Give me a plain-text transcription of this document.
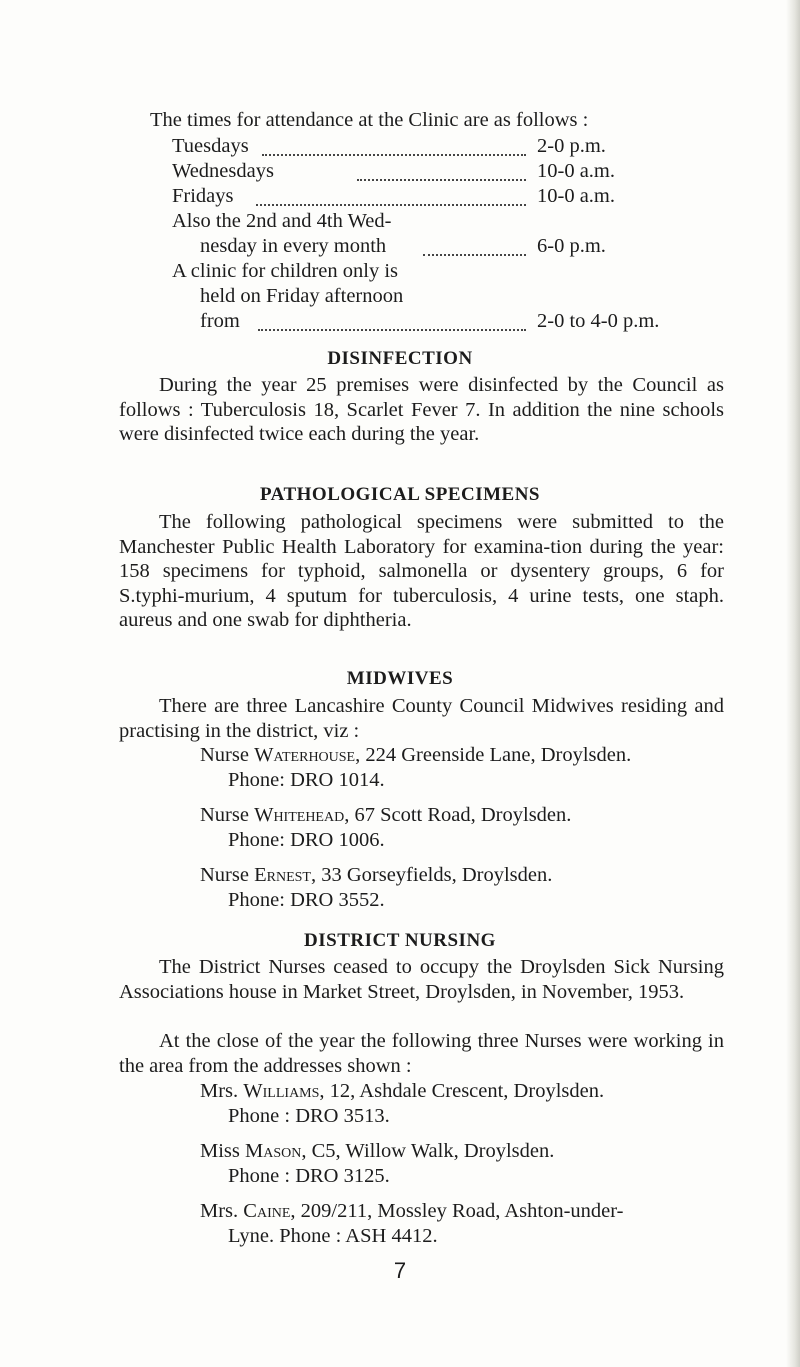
The times for attendance at the Clinic are as follows :
Tuesdays	2-0 p.m.
Wednesdays	10-0 a.m.
Fridays	10-0 a.m.
Also the 2nd and 4th Wed-
nesday in every month	6-0 p.m.
A clinic for children only is
held on Friday afternoon
from	2-0 to 4-0 p.m.
DISINFECTION
During the year 25 premises were disinfected by the Council as follows : Tuberculosis 18, Scarlet Fever 7. In addition the nine schools were disinfected twice each during the year.
PATHOLOGICAL SPECIMENS
The following pathological specimens were submitted to the Manchester Public Health Laboratory for examina-tion during the year: 158 specimens for typhoid, salmonella or dysentery groups, 6 for S.typhi-murium, 4 sputum for tuberculosis, 4 urine tests, one staph. aureus and one swab for diphtheria.
MIDWIVES
There are three Lancashire County Council Midwives residing and practising in the district, viz :
Nurse Waterhouse, 224 Greenside Lane, Droylsden.
Phone: DRO 1014.
Nurse Whitehead, 67 Scott Road, Droylsden.
Phone: DRO 1006.
Nurse Ernest, 33 Gorseyfields, Droylsden.
Phone: DRO 3552.
DISTRICT NURSING
The District Nurses ceased to occupy the Droylsden Sick Nursing Associations house in Market Street, Droylsden, in November, 1953.
At the close of the year the following three Nurses were working in the area from the addresses shown :
Mrs. Williams, 12, Ashdale Crescent, Droylsden.
Phone : DRO 3513.
Miss Mason, C5, Willow Walk, Droylsden.
Phone : DRO 3125.
Mrs. Caine, 209/211, Mossley Road, Ashton-under-
Lyne. Phone : ASH 4412.
7
